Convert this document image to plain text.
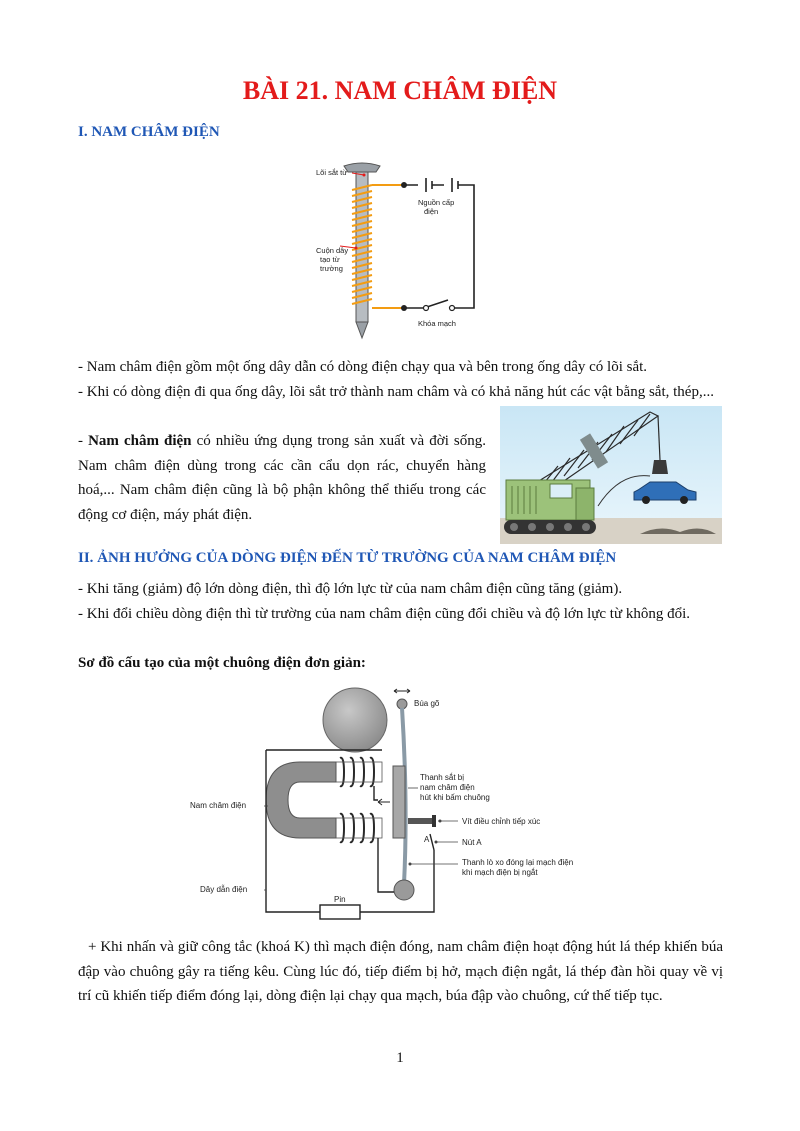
BÀI 21. NAM CHÂM ĐIỆN
I. NAM CHÂM ĐIỆN
Lõi sắt từ
Nguồn cấp
điện
Cuộn dây
tạo từ
trường
Khóa mạch

- Nam châm điện gồm một ống dây dẫn có dòng điện chạy qua và bên trong ống dây có lõi sắt.

- Khi có dòng điện đi qua ống dây, lõi sắt trở thành nam châm và có khả năng hút các vật bằng sắt, thép,...

- Nam châm điện có nhiều ứng dụng trong sản xuất và đời sống. Nam châm điện dùng trong các cần cẩu dọn rác, chuyển hàng hoá,... Nam châm điện cũng là bộ phận không thể thiếu trong các động cơ điện, máy phát điện.

II. ẢNH HƯỞNG CỦA DÒNG ĐIỆN ĐẾN TỪ TRƯỜNG CỦA NAM CHÂM ĐIỆN

- Khi tăng (giảm) độ lớn dòng điện, thì độ lớn lực từ của nam châm điện cũng tăng (giảm).

- Khi đổi chiều dòng điện thì từ trường của nam châm điện cũng đổi chiều và độ lớn lực từ không đổi.

Sơ đồ cấu tạo của một chuông điện đơn giản:

Búa gõ
Thanh sắt bị
nam châm điện
hút khi bấm chuông
Nam châm điện
Vít điều chỉnh tiếp xúc
Nút A
A
Thanh lò xo đóng lại mạch điện
khi mạch điện bị ngắt
Dây dẫn điện
Pin

+ Khi nhấn và giữ công tắc (khoá K) thì mạch điện đóng, nam châm điện hoạt động hút lá thép khiến búa đập vào chuông gây ra tiếng kêu. Cùng lúc đó, tiếp điểm bị hở, mạch điện ngắt, lá thép đàn hồi quay về vị trí cũ khiến tiếp điểm đóng lại, dòng điện lại chạy qua mạch, búa đập vào chuông, cứ thế tiếp tục.

1
